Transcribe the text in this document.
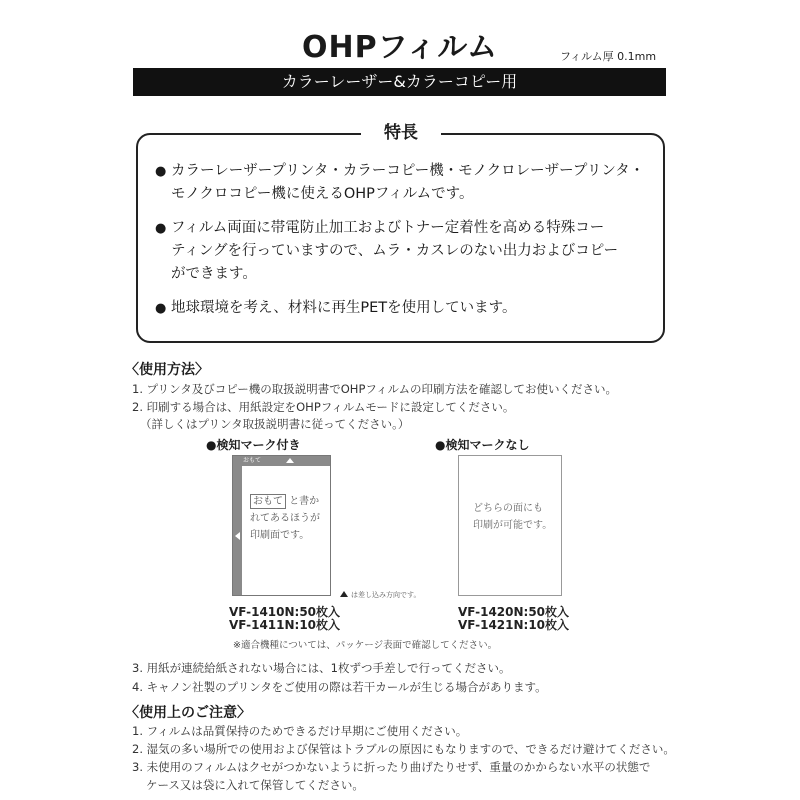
OHPフィルム	フィルム厚 0.1mm
カラーレーザー&カラーコピー用
特長
● カラーレーザープリンタ・カラーコピー機・モノクロレーザープリンタ・
モノクロコピー機に使えるOHPフィルムです。
● フィルム両面に帯電防止加工およびトナー定着性を高める特殊コー
ティングを行っていますので、ムラ・カスレのない出力およびコピー
ができます。
● 地球環境を考え、材料に再生PETを使用しています。
〈使用方法〉
1. プリンタ及びコピー機の取扱説明書でOHPフィルムの印刷方法を確認してお使いください。
2. 印刷する場合は、用紙設定をOHPフィルムモードに設定してください。
（詳しくはプリンタ取扱説明書に従ってください。）
●検知マーク付き
おもて
おもて と書か
れてあるほうが
印刷面です。
は差し込み方向です。
●検知マークなし
どちらの面にも
印刷が可能です。
VF-1410N:50枚入
VF-1411N:10枚入
VF-1420N:50枚入
VF-1421N:10枚入
※適合機種については、パッケージ表面で確認してください。
3. 用紙が連続給紙されない場合には、1枚ずつ手差しで行ってください。
4. キャノン社製のプリンタをご使用の際は若干カールが生じる場合があります。
〈使用上のご注意〉
1. フィルムは品質保持のためできるだけ早期にご使用ください。
2. 湿気の多い場所での使用および保管はトラブルの原因にもなりますので、できるだけ避けてください。
3. 未使用のフィルムはクセがつかないように折ったり曲げたりせず、重量のかからない水平の状態で
ケース又は袋に入れて保管してください。
